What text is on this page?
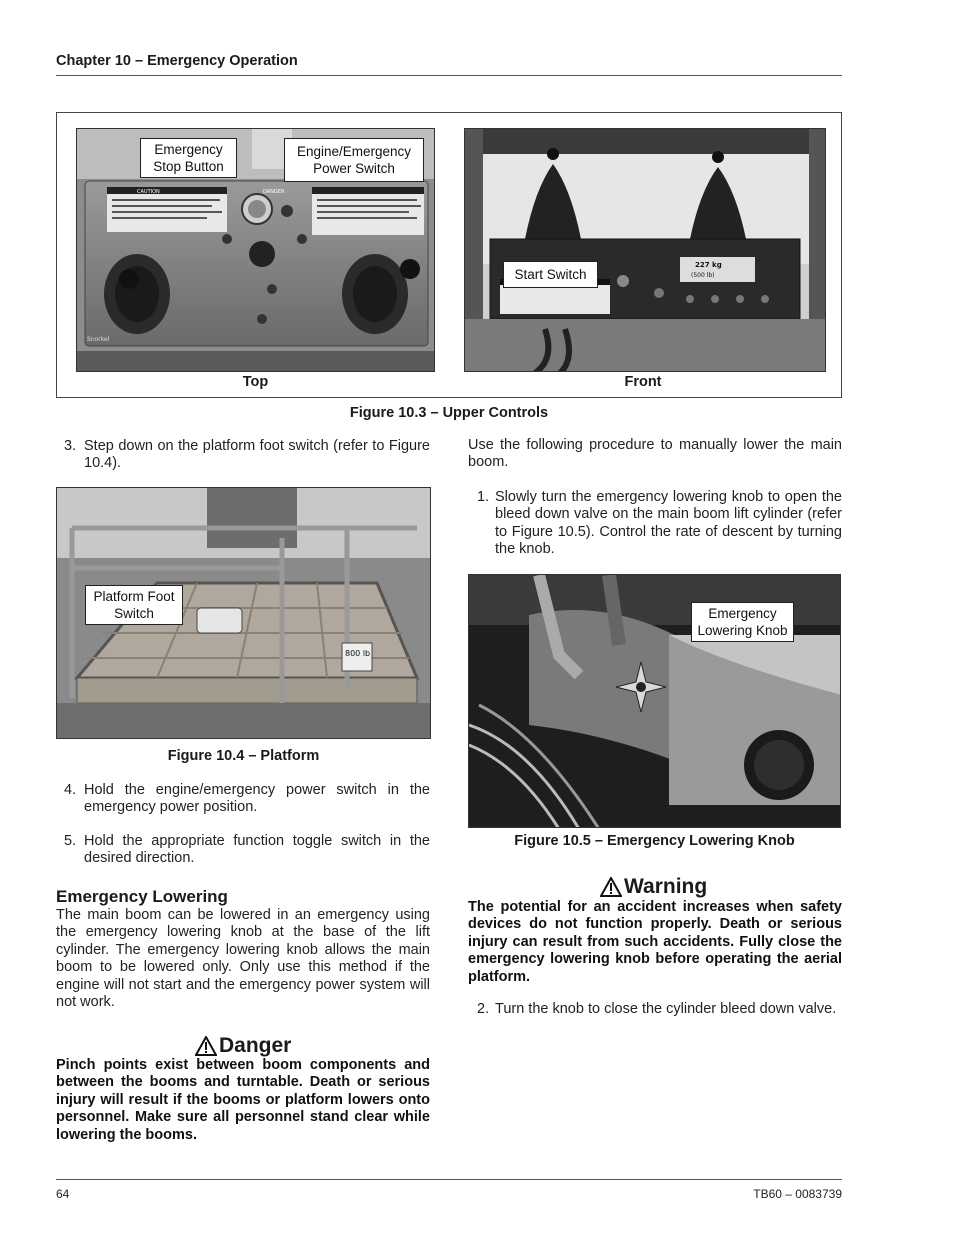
Chapter 10 – Emergency Operation
DANGER
CAUTION
Snorkel
Emergency Stop Button
Engine/Emergency Power Switch
227 kg
(500 lb)
Start Switch
Top	Front
Figure 10.3 – Upper Controls
3. Step down on the platform foot switch (refer to Figure 10.4).
800 lb
Platform Foot Switch
Figure 10.4 – Platform
4. Hold the engine/emergency power switch in the emergency power position.
5. Hold the appropriate function toggle switch in the desired direction.
Emergency Lowering
The main boom can be lowered in an emergency using the emergency lowering knob at the base of the lift cylinder. The emergency lowering knob allows the main boom to be lowered only. Only use this method if the engine will not start and the emergency power system will not work.
Danger
Pinch points exist between boom components and between the booms and turntable. Death or serious injury will result if the booms or platform lowers onto personnel. Make sure all personnel stand clear while lowering the booms.
Use the following procedure to manually lower the main boom.
1. Slowly turn the emergency lowering knob to open the bleed down valve on the main boom lift cylinder (refer to Figure 10.5). Control the rate of descent by turning the knob.
Emergency Lowering Knob
Figure 10.5 – Emergency Lowering Knob
Warning
The potential for an accident increases when safety devices do not function properly. Death or serious injury can result from such accidents. Fully close the emergency lowering knob before operating the aerial platform.
2. Turn the knob to close the cylinder bleed down valve.
64	TB60 – 0083739
